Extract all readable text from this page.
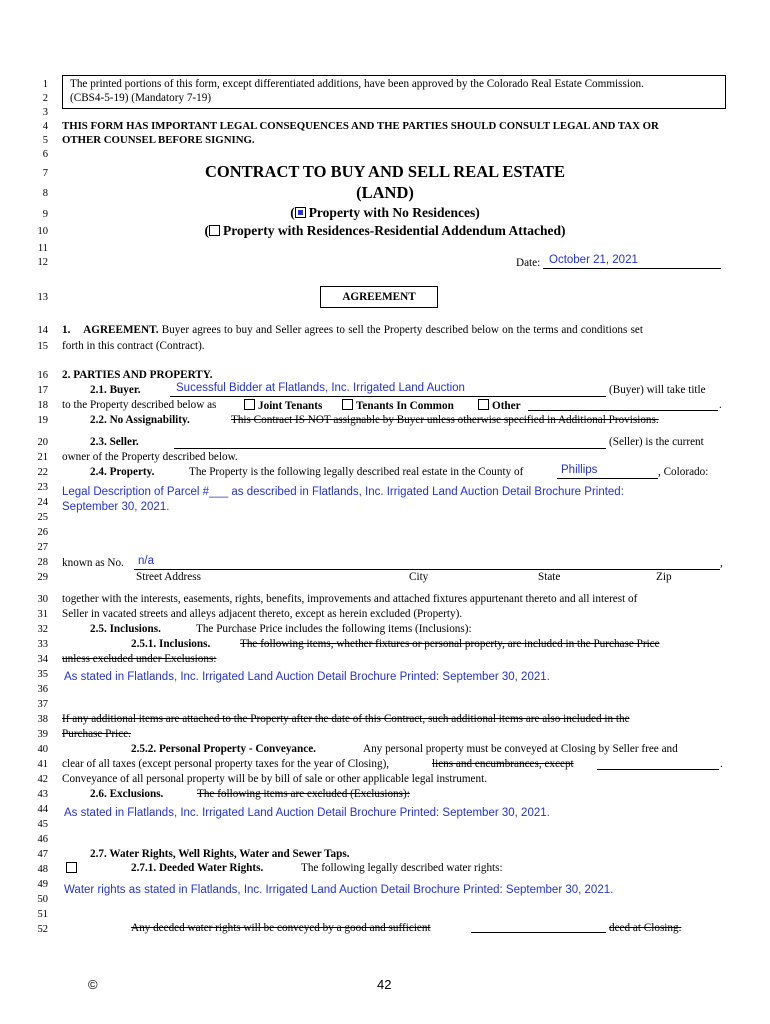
1
2
3
4
5
6
7
8
9
10
11
12
13
14
15
16
17
18
19
20
21
22
23
24
25
26
27
28
29
30
31
32
33
34
35
36
37
38
39
40
41
42
43
44
45
46
47
48
49
50
51
52
The printed portions of this form, except differentiated additions, have been approved by the Colorado Real Estate Commission.
(CBS4-5-19) (Mandatory 7-19)
THIS FORM HAS IMPORTANT LEGAL CONSEQUENCES AND THE PARTIES SHOULD CONSULT LEGAL AND TAX OR
OTHER COUNSEL BEFORE SIGNING.
CONTRACT TO BUY AND SELL REAL ESTATE
(LAND)
( Property with No Residences)
( Property with Residences-Residential Addendum Attached)
Date: October 21, 2021
AGREEMENT
1.    AGREEMENT. Buyer agrees to buy and Seller agrees to sell the Property described below on the terms and conditions set
forth in this contract (Contract).
2. PARTIES AND PROPERTY.
2.1. Buyer.	Sucessful Bidder at Flatlands, Inc. Irrigated Land Auction	(Buyer) will take title
to the Property described below as	Joint Tenants	Tenants In Common	Other	.
2.2. No Assignability.	This Contract IS NOT assignable by Buyer unless otherwise specified in Additional Provisions.
2.3. Seller.	(Seller) is the current
owner of the Property described below.
2.4. Property.	The Property is the following legally described real estate in the County of	Phillips	, Colorado:
Legal Description of Parcel #___ as described in Flatlands, Inc. Irrigated Land Auction Detail Brochure Printed:
September 30, 2021.
known as No. n/a	,
Street Address	City	State	Zip
together with the interests, easements, rights, benefits, improvements and attached fixtures appurtenant thereto and all interest of
Seller in vacated streets and alleys adjacent thereto, except as herein excluded (Property).
2.5. Inclusions.	The Purchase Price includes the following items (Inclusions):
2.5.1. Inclusions.	The following items, whether fixtures or personal property, are included in the Purchase Price
unless excluded under Exclusions:
As stated in Flatlands, Inc. Irrigated Land Auction Detail Brochure Printed: September 30, 2021.
If any additional items are attached to the Property after the date of this Contract, such additional items are also included in the
Purchase Price.
2.5.2. Personal Property - Conveyance.	Any personal property must be conveyed at Closing by Seller free and
clear of all taxes (except personal property taxes for the year of Closing),	liens and encumbrances, except	.
Conveyance of all personal property will be by bill of sale or other applicable legal instrument.
2.6. Exclusions.	The following items are excluded (Exclusions):
As stated in Flatlands, Inc. Irrigated Land Auction Detail Brochure Printed: September 30, 2021.
2.7. Water Rights, Well Rights, Water and Sewer Taps.
2.7.1. Deeded Water Rights.	The following legally described water rights:
Water rights as stated in Flatlands, Inc. Irrigated Land Auction Detail Brochure Printed: September 30, 2021.
Any deeded water rights will be conveyed by a good and sufficient	deed at Closing.
©	42
